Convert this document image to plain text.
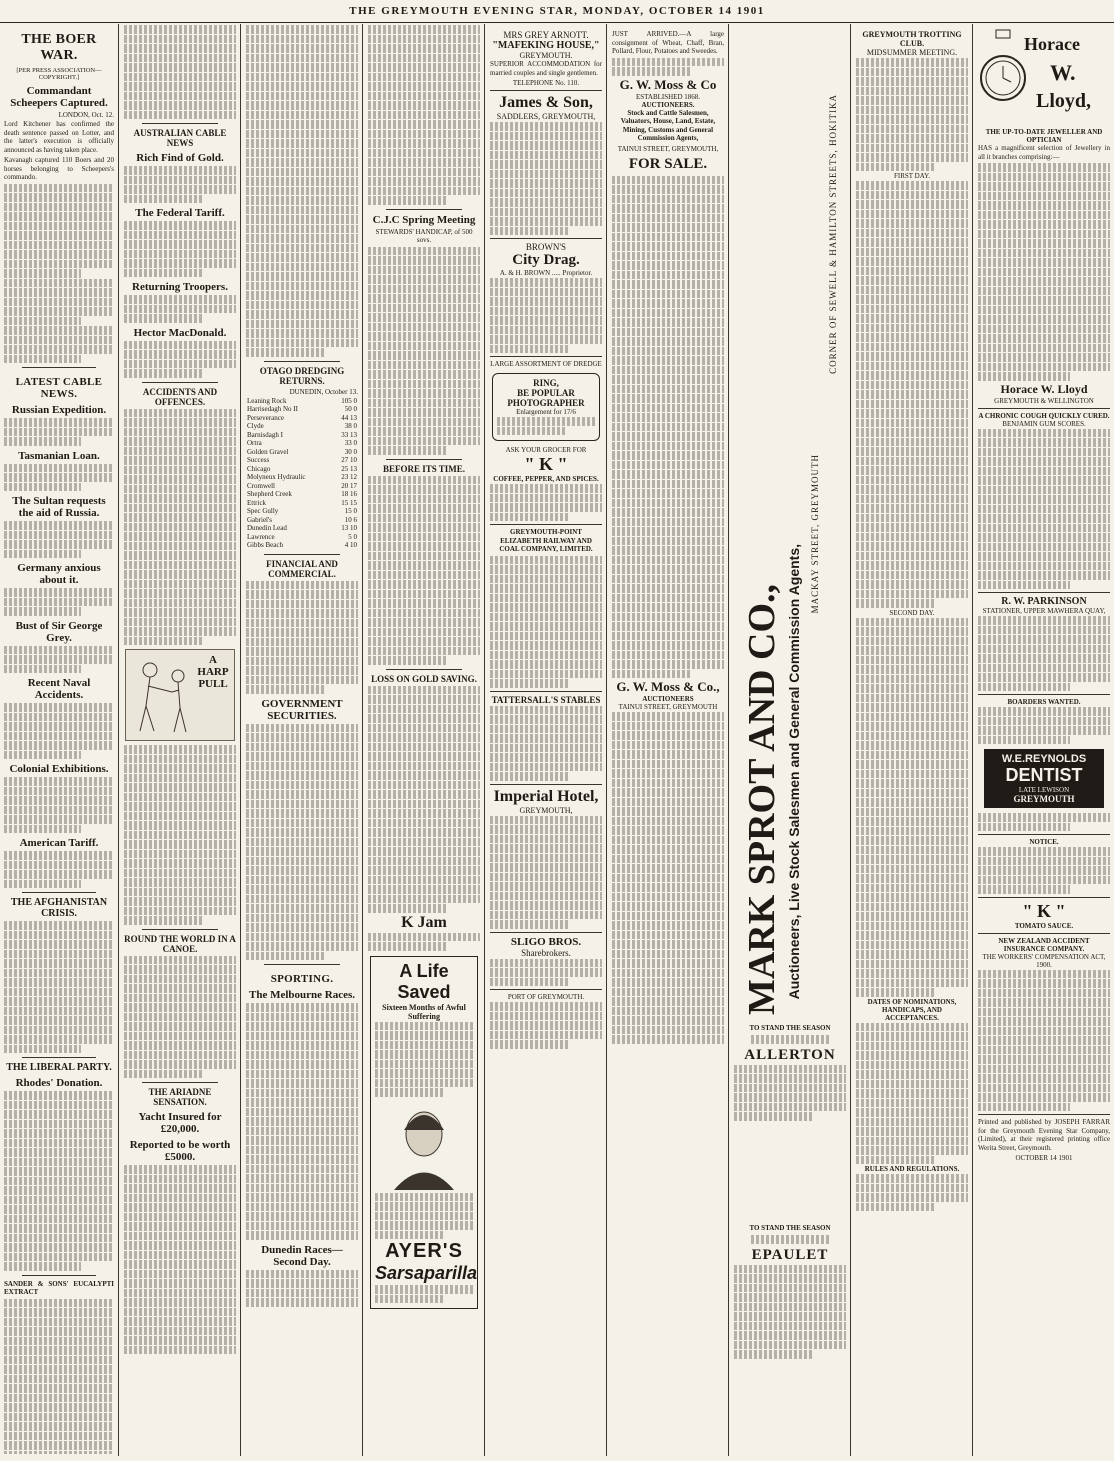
THE GREYMOUTH EVENING STAR, MONDAY, OCTOBER 14 1901
THE BOER WAR.
[PER PRESS ASSOCIATION—COPYRIGHT.]
Commandant Scheepers Captured.
LONDON, Oct. 12.

Lord Kitchener has confirmed the death sentence passed on Lotter, and the latter's execution is officially announced as having taken place.

Kavanagh captured 110 Boers and 20 horses belonging to Scheepers's commando.

LATEST CABLE NEWS.
Russian Expedition.
Tasmanian Loan.
The Sultan requests the aid of Russia.
Germany anxious about it.
Bust of Sir George Grey.
Recent Naval Accidents.
Colonial Exhibitions.
American Tariff.
THE AFGHANISTAN CRISIS.
THE LIBERAL PARTY.
Rhodes' Donation.

SANDER & SONS' EUCALYPTI EXTRACT

AUSTRALIAN CABLE NEWS
Rich Find of Gold.
The Federal Tariff.
Returning Troopers.
Hector MacDonald.
ACCIDENTS AND OFFENCES.
A HARP PULL
ROUND THE WORLD IN A CANOE.
THE ARIADNE SENSATION.
Yacht Insured for £20,000.
Reported to be worth £5000.
OTAGO DREDGING RETURNS.
DUNEDIN, October 13.
Leaning Rock	105 0
Harrisedagh No II	50 0
Perseverance	44 13
Clyde	38 0
Barnisdagh I	33 13
Ortra	33 0
Golden Gravel	30 0
Success	27 10
Chicago	25 13
Molyneux Hydraulic	23 12
Cromwell	20 17
Shepherd Creek	18 16
Ettrick	15 15
Spec Gully	15 0
Gabriel's	10 6
Dunedin Lead	13 10
Lawrence	5 0
Gibbs Beach	4 10
FINANCIAL AND COMMERCIAL.
GOVERNMENT SECURITIES.
SPORTING.
The Melbourne Races.
Dunedin Races—Second Day.
C.J.C Spring Meeting

STEWARDS' HANDICAP, of 500 sovs.

BEFORE ITS TIME.
LOSS ON GOLD SAVING.
K Jam
A Life Saved
Sixteen Months of Awful Suffering
AYER'S
Sarsaparilla
MRS GREY ARNOTT.
"MAFEKING HOUSE,"
GREYMOUTH.

SUPERIOR ACCOMMODATION for married couples and single gentlemen.

TELEPHONE No. 110.
James & Son,
SADDLERS, GREYMOUTH,
BROWN'S
City Drag.
A. & H. BROWN ..... Proprietor.
LARGE ASSORTMENT OF DREDGE
RING,
BE POPULAR
PHOTOGRAPHER
Enlargement for 17/6
ASK YOUR GROCER FOR
" K "
COFFEE, PEPPER, AND SPICES.

GREYMOUTH-POINT ELIZABETH RAILWAY AND COAL COMPANY, LIMITED.

TATTERSALL'S STABLES
Imperial Hotel,
GREYMOUTH,
SLIGO BROS.
Sharebrokers.
PORT OF GREYMOUTH.

JUST ARRIVED.—A large consignment of Wheat, Chaff, Bran, Pollard, Flour, Potatoes and Sweedes.

G. W. Moss & Co
ESTABLISHED 1868.
AUCTIONEERS.

Stock and Cattle Salesmen, Valuators, House, Land, Estate, Mining, Customs and General Commission Agents,

TAINUI STREET, GREYMOUTH,
FOR SALE.
G. W. Moss & Co.,
AUCTIONEERS
TAINUI STREET, GREYMOUTH MARK SPROT AND CO., Auctioneers, Live Stock Salesmen and General Commission Agents,
MACKAY STREET, GREYMOUTH
CORNER OF SEWELL & HAMILTON STREETS, HOKITIKA
TO STAND THE SEASON
ALLERTON
TO STAND THE SEASON
EPAULET
GREYMOUTH TROTTING CLUB.
MIDSUMMER MEETING.
FIRST DAY.
SECOND DAY.
DATES OF NOMINATIONS, HANDICAPS, AND ACCEPTANCES.
RULES AND REGULATIONS.
Horace
W.
Lloyd,
THE UP-TO-DATE JEWELLER AND OPTICIAN

HAS a magnificent selection of Jewellery in all it branches comprising:—

Horace W. Lloyd
GREYMOUTH & WELLINGTON
A CHRONIC COUGH QUICKLY CURED.
BENJAMIN GUM SCORES.
R. W. PARKINSON
STATIONER, UPPER MAWHERA QUAY,
BOARDERS WANTED.
W.E.REYNOLDS
DENTIST
LATE LEWISON
GREYMOUTH
NOTICE.
" K "
TOMATO SAUCE.
NEW ZEALAND ACCIDENT INSURANCE COMPANY.
THE WORKERS' COMPENSATION ACT, 1900.

Printed and published by JOSEPH FARRAR for the Greymouth Evening Star Company, (Limited), at their registered printing office Werita Street, Greymouth.

OCTOBER 14 1901
